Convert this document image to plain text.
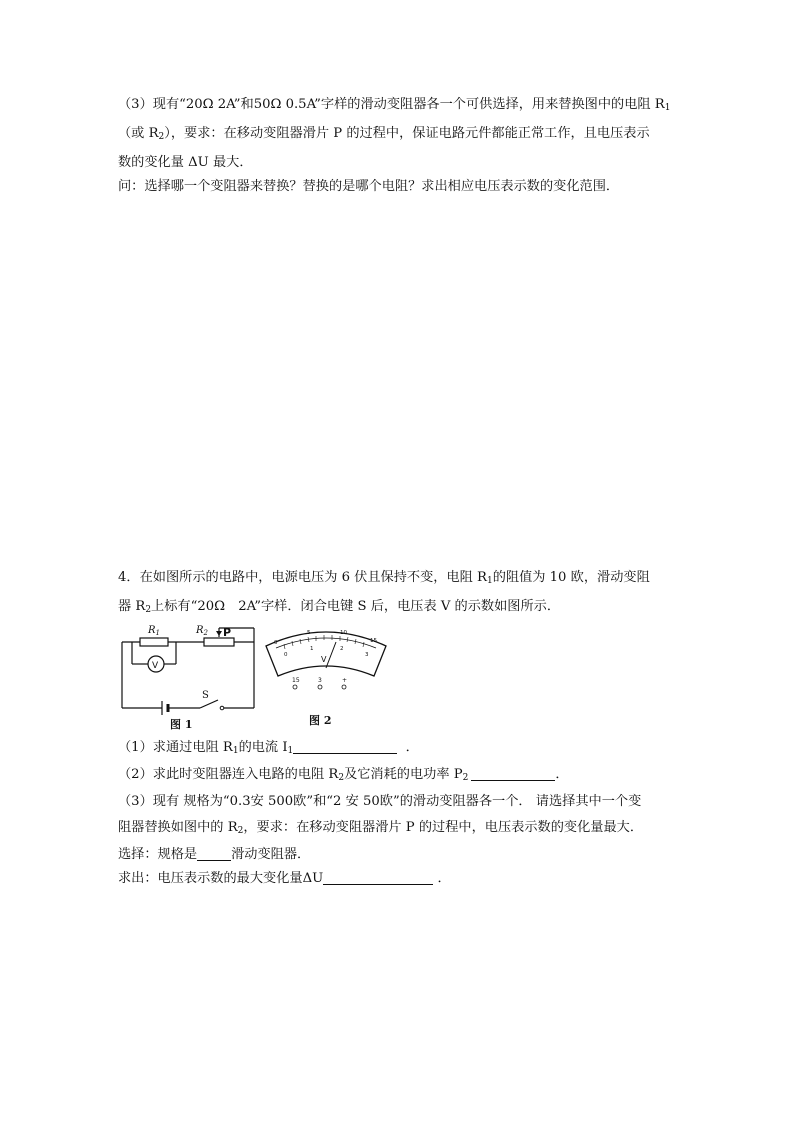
（3）现有“20Ω 2A”和50Ω 0.5A”字样的滑动变阻器各一个可供选择，用来替换图中的电阻 $R_1$

（或 $R_2$），要求：在移动变阻器滑片 P 的过程中，保证电路元件都能正常工作，且电压表示

数的变化量 ΔU 最大．

问：选择哪一个变阻器来替换？替换的是哪个电阻？求出相应电压表示数的变化范围．

4．在如图所示的电路中，电源电压为 6 伏且保持不变，电阻 $R_1$的阻值为 10 欧，滑动变阻

器 $R_2$上标有“20Ω　2A”字样．闭合电键 S 后，电压表 V 的示数如图所示．

$R_1$	$R_2$ P
V
S
图 1
0
5	10
15
0
1	2
3
V
15	3	+
图 2

（1）求通过电阻 $R_1$的电流 $I_1$	．

（2）求此时变阻器连入电路的电阻 $R_2$及它消耗的电功率 $P_2$	．

（3）现有 规格为“0.3安 500欧”和“2 安 50欧”的滑动变阻器各一个． 请选择其中一个变

阻器替换如图中的 $R_2$，要求：在移动变阻器滑片 P 的过程中，电压表示数的变化量最大．

选择：规格是	滑动变阻器．

求出：电压表示数的最大变化量ΔU	．
